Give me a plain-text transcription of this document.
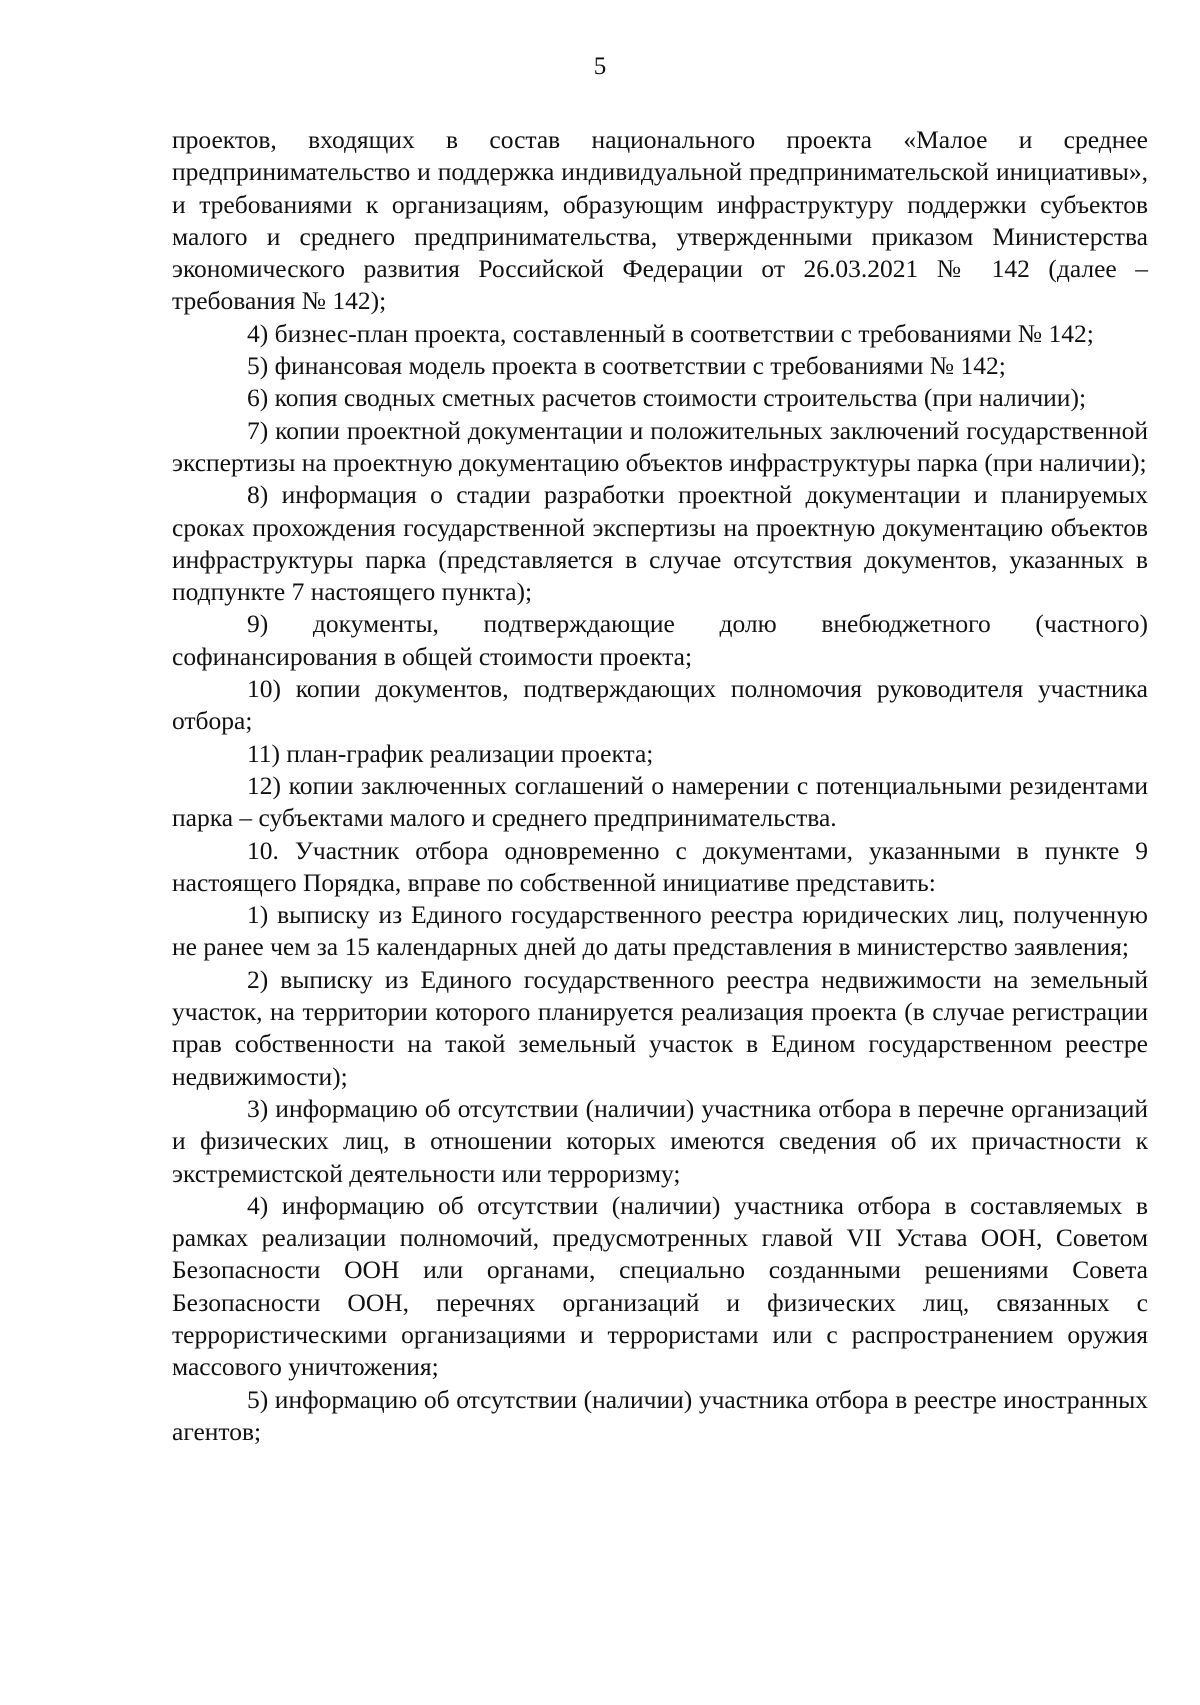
5

проектов, входящих в состав национального проекта «Малое и среднее предпринимательство и поддержка индивидуальной предпринимательской инициативы», и требованиями к организациям, образующим инфраструктуру поддержки субъектов малого и среднего предпринимательства, утвержденными приказом Министерства экономического развития Российской Федерации от 26.03.2021 № 142 (далее – требования № 142);

4) бизнес-план проекта, составленный в соответствии с требованиями № 142;

5) финансовая модель проекта в соответствии с требованиями № 142;

6) копия сводных сметных расчетов стоимости строительства (при наличии);

7) копии проектной документации и положительных заключений государственной экспертизы на проектную документацию объектов инфраструктуры парка (при наличии);

8) информация о стадии разработки проектной документации и планируемых сроках прохождения государственной экспертизы на проектную документацию объектов инфраструктуры парка (представляется в случае отсутствия документов, указанных в подпункте 7 настоящего пункта);

9) документы, подтверждающие долю внебюджетного (частного) софинансирования в общей стоимости проекта;

10) копии документов, подтверждающих полномочия руководителя участника отбора;

11) план-график реализации проекта;

12) копии заключенных соглашений о намерении с потенциальными резидентами парка – субъектами малого и среднего предпринимательства.

10. Участник отбора одновременно с документами, указанными в пункте 9 настоящего Порядка, вправе по собственной инициативе представить:

1) выписку из Единого государственного реестра юридических лиц, полученную не ранее чем за 15 календарных дней до даты представления в министерство заявления;

2) выписку из Единого государственного реестра недвижимости на земельный участок, на территории которого планируется реализация проекта (в случае регистрации прав собственности на такой земельный участок в Едином государственном реестре недвижимости);

3) информацию об отсутствии (наличии) участника отбора в перечне организаций и физических лиц, в отношении которых имеются сведения об их причастности к экстремистской деятельности или терроризму;

4) информацию об отсутствии (наличии) участника отбора в составляемых в рамках реализации полномочий, предусмотренных главой VII Устава ООН, Советом Безопасности ООН или органами, специально созданными решениями Совета Безопасности ООН, перечнях организаций и физических лиц, связанных с террористическими организациями и террористами или с распространением оружия массового уничтожения;

5) информацию об отсутствии (наличии) участника отбора в реестре иностранных агентов;
